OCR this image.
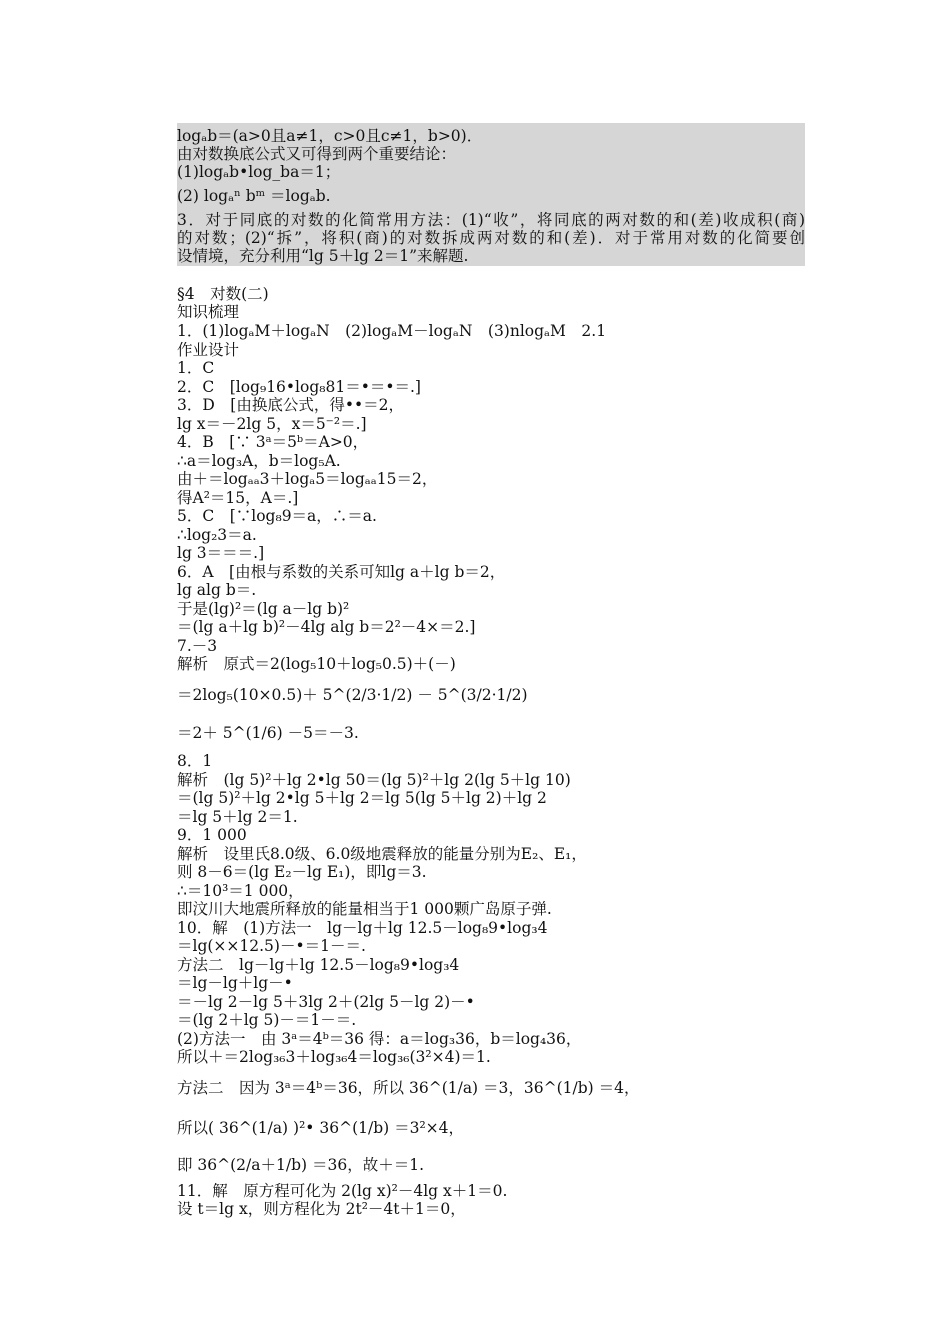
logₐb＝(a>0且a≠1，c>0且c≠1，b>0)．
由对数换底公式又可得到两个重要结论：
(1)logₐb•log_ba＝1；
(2) logₐⁿ bᵐ ＝logₐb.
3．对于同底的对数的化简常用方法：(1)“收”，将同底的两对数的和(差)收成积(商)
的对数；(2)“拆”，将积(商)的对数拆成两对数的和(差)．对于常用对数的化简要创
设情境，充分利用“lg 5＋lg 2＝1”来解题.
§4　对数(二)
知识梳理
1．(1)logₐM＋logₐN　(2)logₐM－logₐN　(3)nlogₐM　2.1
作业设计
1．C
2．C　[log₉16•log₈81＝•＝•＝.]
3．D　[由换底公式，得••＝2，
lg x＝－2lg 5，x＝5⁻²＝.]
4．B　[∵ 3ᵃ＝5ᵇ＝A>0，
∴a＝log₃A，b＝log₅A.
由＋＝logₐₐ3＋logₐ5＝logₐₐ15＝2，
得A²＝15，A＝.]
5．C　[∵log₈9＝a，∴＝a.
∴log₂3＝a.
lg 3＝＝＝.]
6．A　[由根与系数的关系可知lg a＋lg b＝2，
lg alg b＝.
于是(lg)²＝(lg a－lg b)²
＝(lg a＋lg b)²－4lg alg b＝2²－4×＝2.]
7.－3
解析　原式＝2(log₅10＋log₅0.5)＋(－)
＝2log₅(10×0.5)＋ 5^(2/3·1/2) － 5^(3/2·1/2)
＝2＋ 5^(1/6) －5＝－3.
8．1
解析　(lg 5)²＋lg 2•lg 50＝(lg 5)²＋lg 2(lg 5＋lg 10)
＝(lg 5)²＋lg 2•lg 5＋lg 2＝lg 5(lg 5＋lg 2)＋lg 2
＝lg 5＋lg 2＝1.
9．1 000
解析　设里氏8.0级、6.0级地震释放的能量分别为E₂、E₁，
则 8－6＝(lg E₂－lg E₁)，即lg＝3.
∴＝10³＝1 000，
即汶川大地震所释放的能量相当于1 000颗广岛原子弹.
10．解　(1)方法一　lg－lg＋lg 12.5－log₈9•log₃4
＝lg(××12.5)－•＝1－＝.
方法二　lg－lg＋lg 12.5－log₈9•log₃4
＝lg－lg＋lg－•
＝－lg 2－lg 5＋3lg 2＋(2lg 5－lg 2)－•
＝(lg 2＋lg 5)－＝1－＝.
(2)方法一　由 3ᵃ＝4ᵇ＝36 得：a＝log₃36，b＝log₄36，
所以＋＝2log₃₆3＋log₃₆4＝log₃₆(3²×4)＝1.
方法二　因为 3ᵃ＝4ᵇ＝36，所以 36^(1/a) ＝3，36^(1/b) ＝4，
所以( 36^(1/a) )²• 36^(1/b) ＝3²×4，
即 36^(2/a＋1/b) ＝36，故＋＝1.
11．解　原方程可化为 2(lg x)²－4lg x＋1＝0.
设 t＝lg x，则方程化为 2t²－4t＋1＝0，
